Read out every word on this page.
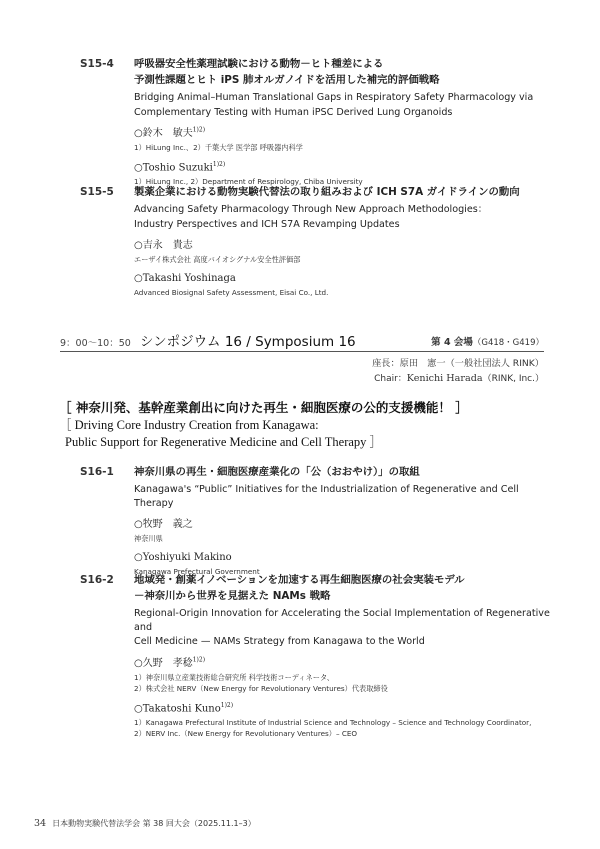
S15-4 呼吸器安全性薬理試験における動物－ヒト種差による
予測性課題とヒト iPS 肺オルガノイドを活用した補完的評価戦略
Bridging Animal–Human Translational Gaps in Respiratory Safety Pharmacology via
Complementary Testing with Human iPSC Derived Lung Organoids
○鈴木　敏夫$^{1)2)}$
1）HiLung Inc.、2）千葉大学 医学部 呼吸器内科学
○Toshio Suzuki$^{1)2)}$
1）HiLung Inc., 2）Department of Respirology, Chiba University
S15-5 製薬企業における動物実験代替法の取り組みおよび ICH S7A ガイドラインの動向
Advancing Safety Pharmacology Through New Approach Methodologies：
Industry Perspectives and ICH S7A Revamping Updates
○吉永　貴志
エーザイ株式会社 高度バイオシグナル安全性評価部
○Takashi Yoshinaga
Advanced Biosignal Safety Assessment, Eisai Co., Ltd.
9：00～10：50 シンポジウム 16 / Symposium 16	第 4 会場（G418・G419）
座長：原田　憲一（一般社団法人 RINK）
Chair：Kenichi Harada（RINK, Inc.）
［ 神奈川発、基幹産業創出に向けた再生・細胞医療の公的支援機能！ ］
［ Driving Core Industry Creation from Kanagawa:
Public Support for Regenerative Medicine and Cell Therapy ］
S16-1 神奈川県の再生・細胞医療産業化の「公（おおやけ）」の取組
Kanagawa's “Public” Initiatives for the Industrialization of Regenerative and Cell Therapy
○牧野　義之
神奈川県
○Yoshiyuki Makino
Kanagawa Prefectural Government
S16-2 地域発・創薬イノベーションを加速する再生細胞医療の社会実装モデル
－神奈川から世界を見据えた NAMs 戦略
Regional-Origin Innovation for Accelerating the Social Implementation of Regenerative and
Cell Medicine — NAMs Strategy from Kanagawa to the World
○久野　孝稔$^{1)2)}$
1）神奈川県立産業技術総合研究所 科学技術コーディネータ、
2）株式会社 NERV（New Energy for Revolutionary Ventures）代表取締役
○Takatoshi Kuno$^{1)2)}$
1）Kanagawa Prefectural Institute of Industrial Science and Technology – Science and Technology Coordinator,
2）NERV Inc.（New Energy for Revolutionary Ventures）– CEO
34 日本動物実験代替法学会 第 38 回大会（2025.11.1–3）
